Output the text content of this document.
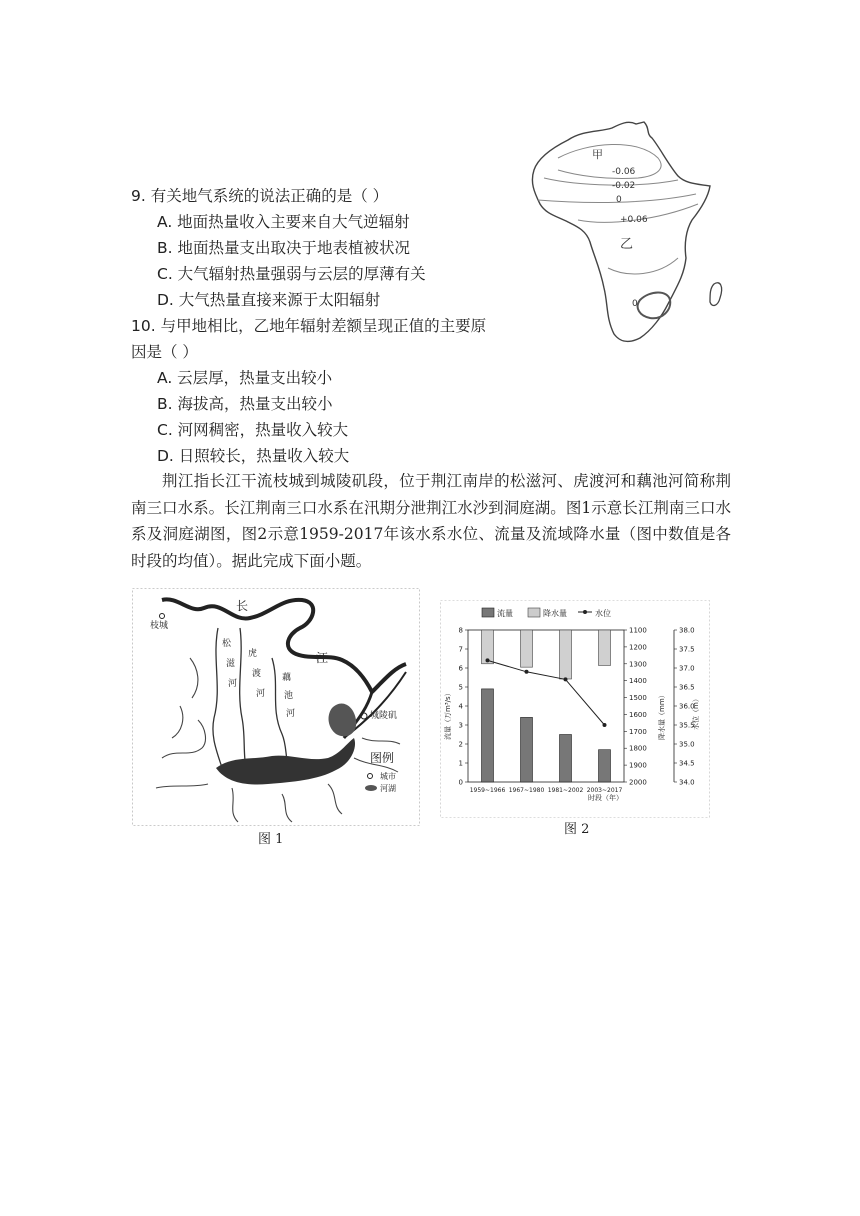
9. 有关地气系统的说法正确的是（ ）
A. 地面热量收入主要来自大气逆辐射
B. 地面热量支出取决于地表植被状况
C. 大气辐射热量强弱与云层的厚薄有关
D. 大气热量直接来源于太阳辐射
10. 与甲地相比，乙地年辐射差额呈现正值的主要原
因是（ ）
A. 云层厚，热量支出较小
B. 海拔高，热量支出较小
C. 河网稠密，热量收入较大
D. 日照较长，热量收入较大
甲
-0.06
-0.02
0
+0.06
乙
0
荆江指长江干流枝城到城陵矶段，位于荆江南岸的松滋河、虎渡河和藕池河简称荆南三口水系。长江荆南三口水系在汛期分泄荆江水沙到洞庭湖。图1示意长江荆南三口水系及洞庭湖图，图2示意1959-2017年该水系水位、流量及流域降水量（图中数值是各时段的均值）。据此完成下面小题。
枝城
长
江
城陵矶
松
滋
河
虎
渡
河
藕
池
河
图例
城市
河湖
图 1
流量	降水量	水位
流量（万m³/s）	降水量（mm）	水位（m）
时段（年）
0
1
2
3
4
5
6
7
8
2000
1900
1800
1700
1600
1500
1400
1300
1200
1100
34.0
34.5
35.0
35.5
36.0
36.5
37.0
37.5
38.0
1959~1966 1967~1980 1981~2002 2003~2017
图 2
